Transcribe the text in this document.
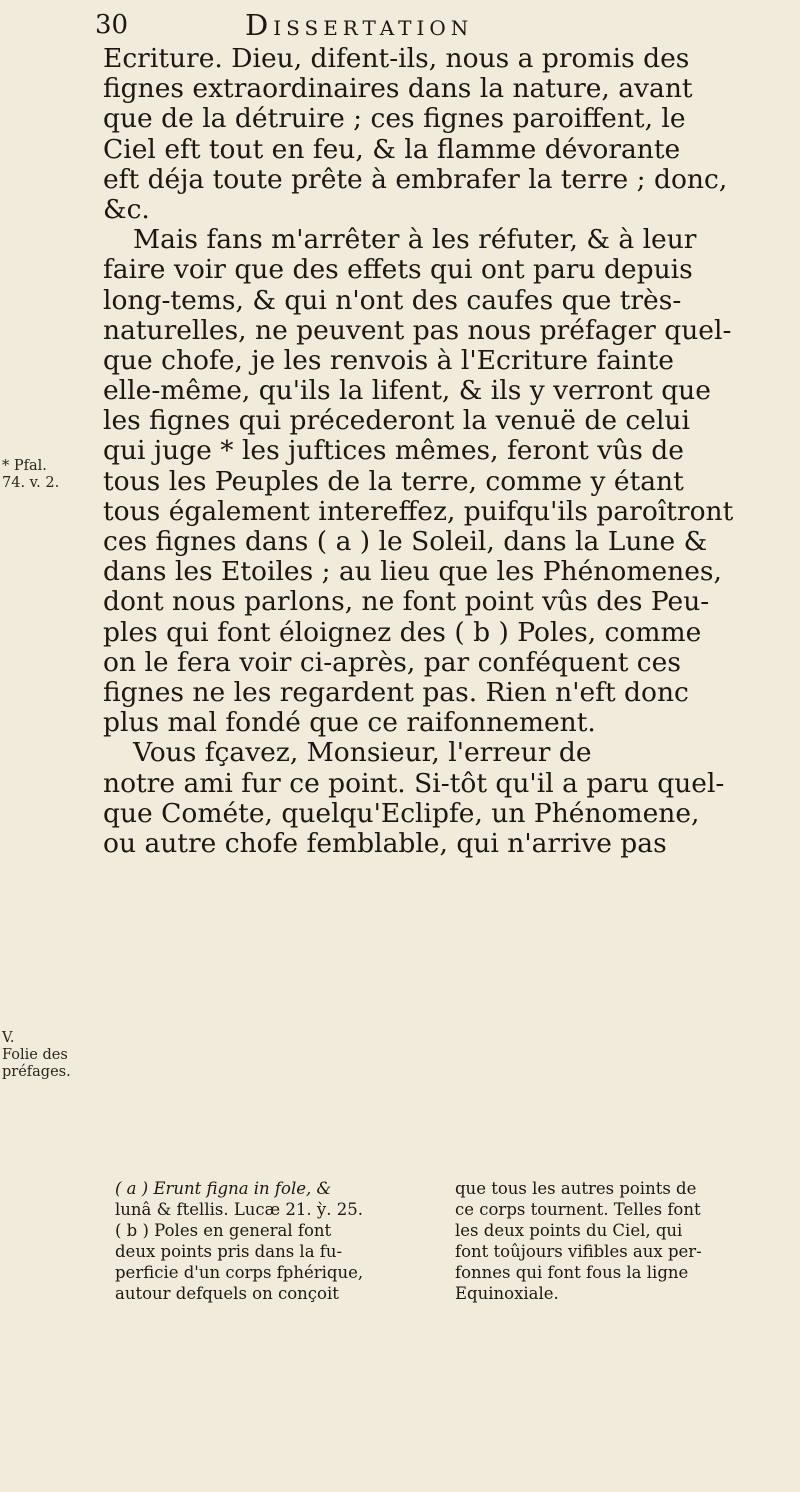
30	Dissertation
* Pfal. 74. v. 2.
V.
Folie des préfages.
Ecriture. Dieu, difent-ils, nous a promis des
fignes extraordinaires dans la nature, avant
que de la détruire ; ces fignes paroiffent, le
Ciel eft tout en feu, & la flamme dévorante
eft déja toute prête à embrafer la terre ; donc,
&c.
Mais fans m'arrêter à les réfuter, & à leur
faire voir que des effets qui ont paru depuis
long-tems, & qui n'ont des caufes que très-
naturelles, ne peuvent pas nous préfager quel-
que chofe, je les renvois à l'Ecriture fainte
elle-même, qu'ils la lifent, & ils y verront que
les fignes qui précederont la venuë de celui
qui juge * les juftices mêmes, feront vûs de
tous les Peuples de la terre, comme y étant
tous également intereffez, puifqu'ils paroîtront
ces fignes dans ( a ) le Soleil, dans la Lune &
dans les Etoiles ; au lieu que les Phénomenes,
dont nous parlons, ne font point vûs des Peu-
ples qui font éloignez des ( b ) Poles, comme
on le fera voir ci-après, par conféquent ces
fignes ne les regardent pas. Rien n'eft donc
plus mal fondé que ce raifonnement.
Vous fçavez, Monsieur, l'erreur de
notre ami fur ce point. Si-tôt qu'il a paru quel-
que Cométe, quelqu'Eclipfe, un Phénomene,
ou autre chofe femblable, qui n'arrive pas
( a ) Erunt figna in fole, &
lunâ & ftellis. Lucæ 21. ỳ. 25.
( b ) Poles en general font
deux points pris dans la fu-
perficie d'un corps fphérique,
autour defquels on conçoit
que tous les autres points de
ce corps tournent. Telles font
les deux points du Ciel, qui
font toûjours vifibles aux per-
fonnes qui font fous la ligne
Equinoxiale.
